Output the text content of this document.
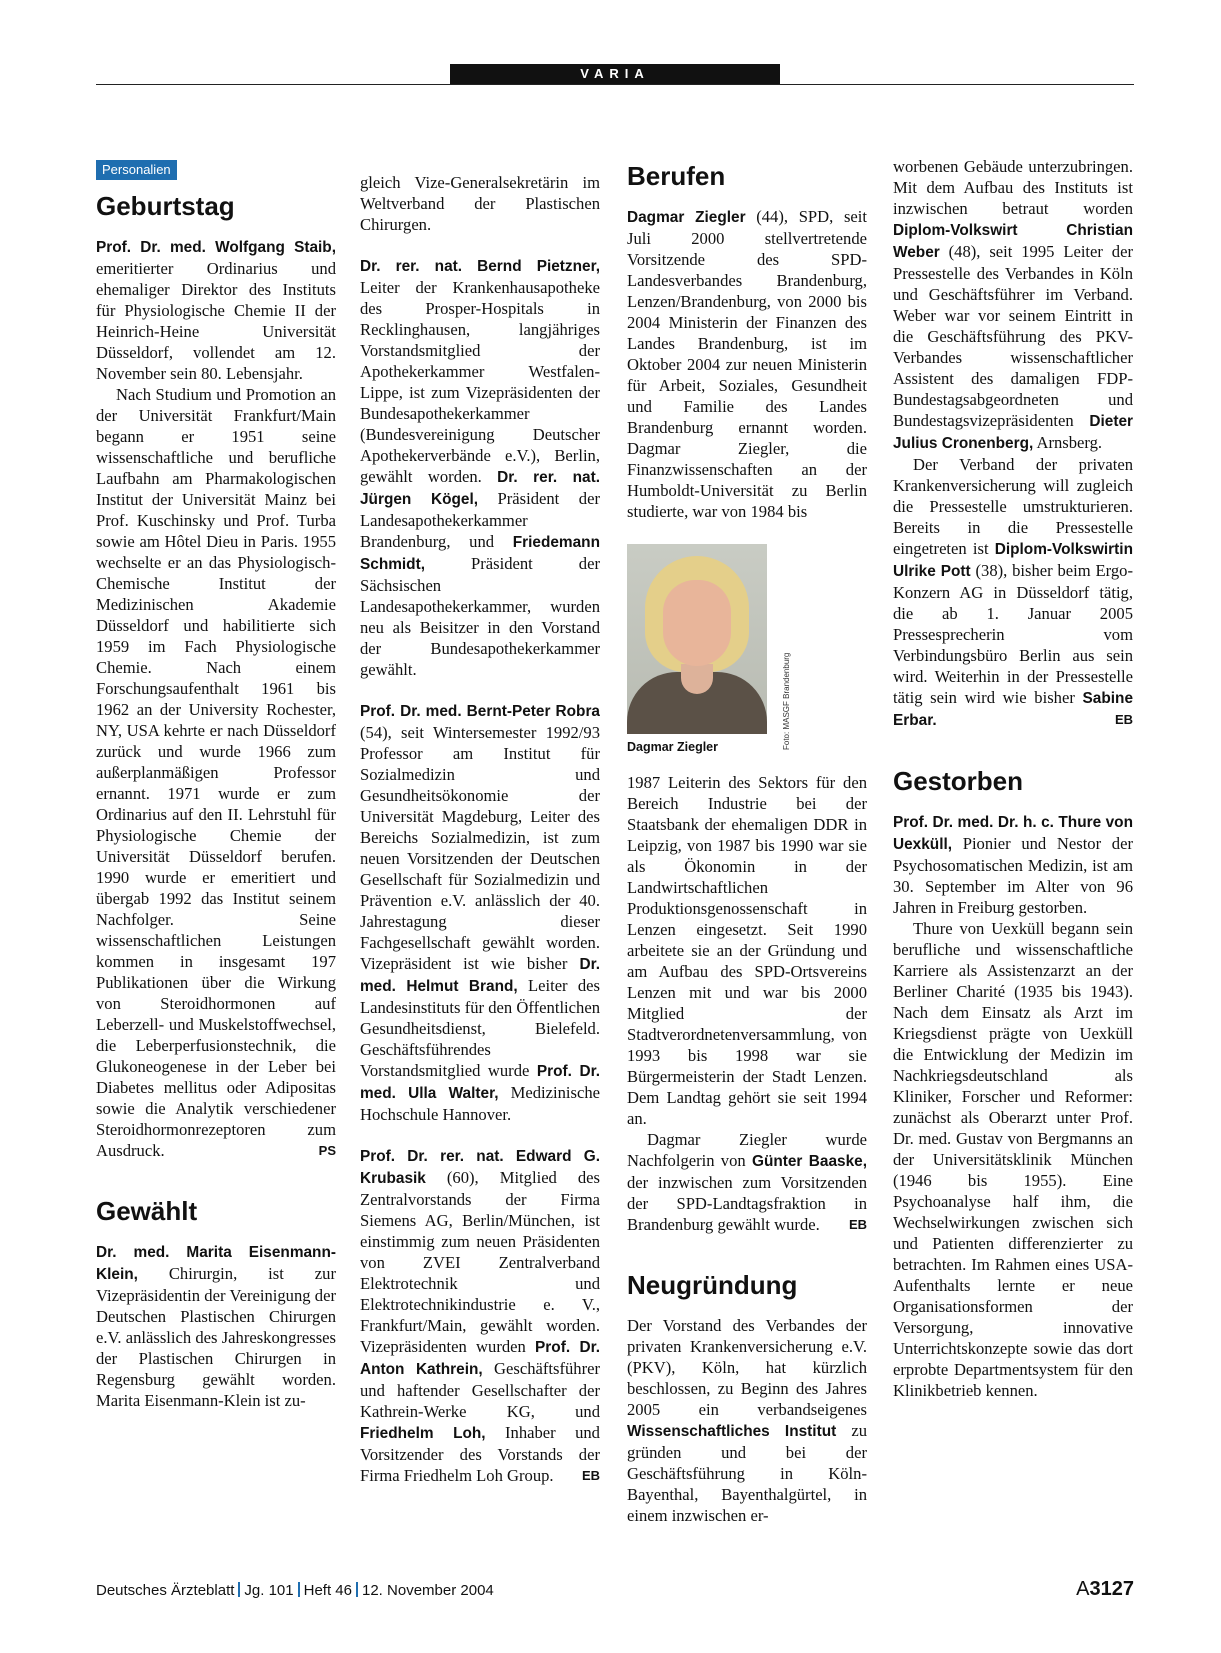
VARIA
Personalien
Geburtstag

Prof. Dr. med. Wolfgang Staib, emeritierter Ordinarius und ehemaliger Direktor des Instituts für Physiologische Chemie II der Heinrich-Heine Universität Düsseldorf, vollendet am 12. November sein 80. Lebensjahr.

Nach Studium und Promotion an der Universität Frankfurt/Main begann er 1951 seine wissenschaftliche und berufliche Laufbahn am Pharmakologischen Institut der Universität Mainz bei Prof. Kuschinsky und Prof. Turba sowie am Hôtel Dieu in Paris. 1955 wechselte er an das Physiologisch-Chemische Institut der Medizinischen Akademie Düsseldorf und habilitierte sich 1959 im Fach Physiologische Chemie. Nach einem Forschungsaufenthalt 1961 bis 1962 an der University Rochester, NY, USA kehrte er nach Düsseldorf zurück und wurde 1966 zum außerplanmäßigen Professor ernannt. 1971 wurde er zum Ordinarius auf den II. Lehrstuhl für Physiologische Chemie der Universität Düsseldorf berufen. 1990 wurde er emeritiert und übergab 1992 das Institut seinem Nachfolger. Seine wissenschaftlichen Leistungen kommen in insgesamt 197 Publikationen über die Wirkung von Steroidhormonen auf Leberzell- und Muskelstoffwechsel, die Leberperfusionstechnik, die Glukoneogenese in der Leber bei Diabetes mellitus oder Adipositas sowie die Analytik verschiedener Steroidhormonrezeptoren zum Ausdruck.	PS

Gewählt

Dr. med. Marita Eisenmann-Klein, Chirurgin, ist zur Vizepräsidentin der Vereinigung der Deutschen Plastischen Chirurgen e.V. anlässlich des Jahreskongresses der Plastischen Chirurgen in Regensburg gewählt worden. Marita Eisenmann-Klein ist zu-

gleich Vize-Generalsekretärin im Weltverband der Plastischen Chirurgen.

Dr. rer. nat. Bernd Pietzner, Leiter der Krankenhausapotheke des Prosper-Hospitals in Recklinghausen, langjähriges Vorstandsmitglied der Apothekerkammer Westfalen-Lippe, ist zum Vizepräsidenten der Bundesapothekerkammer (Bundesvereinigung Deutscher Apothekerverbände e.V.), Berlin, gewählt worden. Dr. rer. nat. Jürgen Kögel, Präsident der Landesapothekerkammer Brandenburg, und Friedemann Schmidt,	Präsident der Sächsischen Landesapothekerkammer, wurden neu als Beisitzer in den Vorstand der Bundesapothekerkammer gewählt.

Prof. Dr. med. Bernt-Peter Robra (54), seit Wintersemester 1992/93 Professor am Institut für Sozialmedizin und Gesundheitsökonomie der Universität Magdeburg, Leiter des Bereichs Sozialmedizin, ist zum neuen Vorsitzenden der Deutschen Gesellschaft für Sozialmedizin und Prävention e.V. anlässlich der 40. Jahrestagung dieser Fachgesellschaft gewählt worden. Vizepräsident ist wie bisher Dr. med. Helmut Brand, Leiter des Landesinstituts für den Öffentlichen Gesundheitsdienst, Bielefeld. Geschäftsführendes Vorstandsmitglied wurde Prof. Dr. med. Ulla Walter, Medizinische Hochschule Hannover.

Prof. Dr. rer. nat. Edward G. Krubasik (60), Mitglied des Zentralvorstands der Firma Siemens AG, Berlin/München, ist einstimmig zum neuen Präsidenten von ZVEI Zentralverband Elektrotechnik und Elektrotechnikindustrie e. V., Frankfurt/Main, gewählt worden. Vizepräsidenten wurden Prof. Dr. Anton Kathrein, Geschäftsführer und haftender Gesellschafter der Kathrein-Werke KG, und Friedhelm Loh, Inhaber und Vorsitzender des Vorstands der Firma Friedhelm Loh Group. EB

Berufen

Dagmar Ziegler (44), SPD, seit Juli 2000 stellvertretende Vorsitzende des SPD-Landesverbandes Brandenburg, Lenzen/Brandenburg, von 2000 bis 2004 Ministerin der Finanzen des Landes Brandenburg, ist im Oktober 2004 zur neuen Ministerin für Arbeit, Soziales, Gesundheit und Familie des Landes Brandenburg ernannt worden. Dagmar Ziegler, die Finanzwissenschaften an der Humboldt-Universität zu Berlin studierte, war von 1984 bis

Dagmar Ziegler

1987 Leiterin des Sektors für den Bereich Industrie bei der Staatsbank der ehemaligen DDR in Leipzig, von 1987 bis 1990 war sie als Ökonomin in der Landwirtschaftlichen Produktionsgenossenschaft in Lenzen eingesetzt. Seit 1990 arbeitete sie an der Gründung und am Aufbau des SPD-Ortsvereins Lenzen mit und war bis 2000 Mitglied der Stadtverordnetenversammlung, von 1993 bis 1998 war sie Bürgermeisterin der Stadt Lenzen. Dem Landtag gehört sie seit 1994 an.

Dagmar Ziegler wurde Nachfolgerin von Günter Baaske, der inzwischen zum Vorsitzenden der SPD-Landtagsfraktion in Brandenburg gewählt wurde.	EB

Neugründung

Der Vorstand des Verbandes der privaten Krankenversicherung e.V. (PKV), Köln, hat kürzlich beschlossen, zu Beginn des Jahres 2005 ein verbandseigenes Wissenschaftliches Institut zu gründen und bei der Geschäftsführung in Köln-Bayenthal, Bayenthalgürtel, in einem inzwischen er-

Foto: MASGF Brandenburg

worbenen Gebäude unterzubringen. Mit dem Aufbau des Instituts ist inzwischen betraut worden Diplom-Volkswirt Christian Weber (48), seit 1995 Leiter der Pressestelle des Verbandes in Köln und Geschäftsführer im Verband. Weber war vor seinem Eintritt in die Geschäftsführung des PKV-Verbandes wissenschaftlicher Assistent des damaligen FDP-Bundestagsabgeordneten und Bundestagsvizepräsidenten Dieter Julius Cronenberg, Arnsberg.

Der Verband der privaten Krankenversicherung will zugleich die Pressestelle umstrukturieren. Bereits in die Pressestelle eingetreten ist Diplom-Volkswirtin Ulrike Pott (38), bisher beim Ergo-Konzern AG in Düsseldorf tätig, die ab 1. Januar 2005 Pressesprecherin vom Verbindungsbüro Berlin aus sein wird. Weiterhin in der Pressestelle tätig sein wird wie bisher Sabine Erbar.	EB

Gestorben

Prof. Dr. med. Dr. h. c. Thure von Uexküll, Pionier und Nestor der Psychosomatischen Medizin, ist am 30. September im Alter von 96 Jahren in Freiburg gestorben.

Thure von Uexküll begann sein berufliche und wissenschaftliche Karriere als Assistenzarzt an der Berliner Charité (1935 bis 1943). Nach dem Einsatz als Arzt im Kriegsdienst prägte von Uexküll die Entwicklung der Medizin im Nachkriegsdeutschland als Kliniker, Forscher und Reformer: zunächst als Oberarzt unter Prof. Dr. med. Gustav von Bergmanns an der Universitätsklinik München (1946 bis 1955). Eine Psychoanalyse half ihm, die Wechselwirkungen zwischen sich und Patienten differenzierter zu betrachten. Im Rahmen eines USA-Aufenthalts lernte er neue Organisationsformen der Versorgung, innovative Unterrichtskonzepte sowie das dort erprobte Departmentsystem für den Klinikbetrieb kennen.

Deutsches Ärzteblatt Jg. 101 Heft 46 12. November 2004	A3127
